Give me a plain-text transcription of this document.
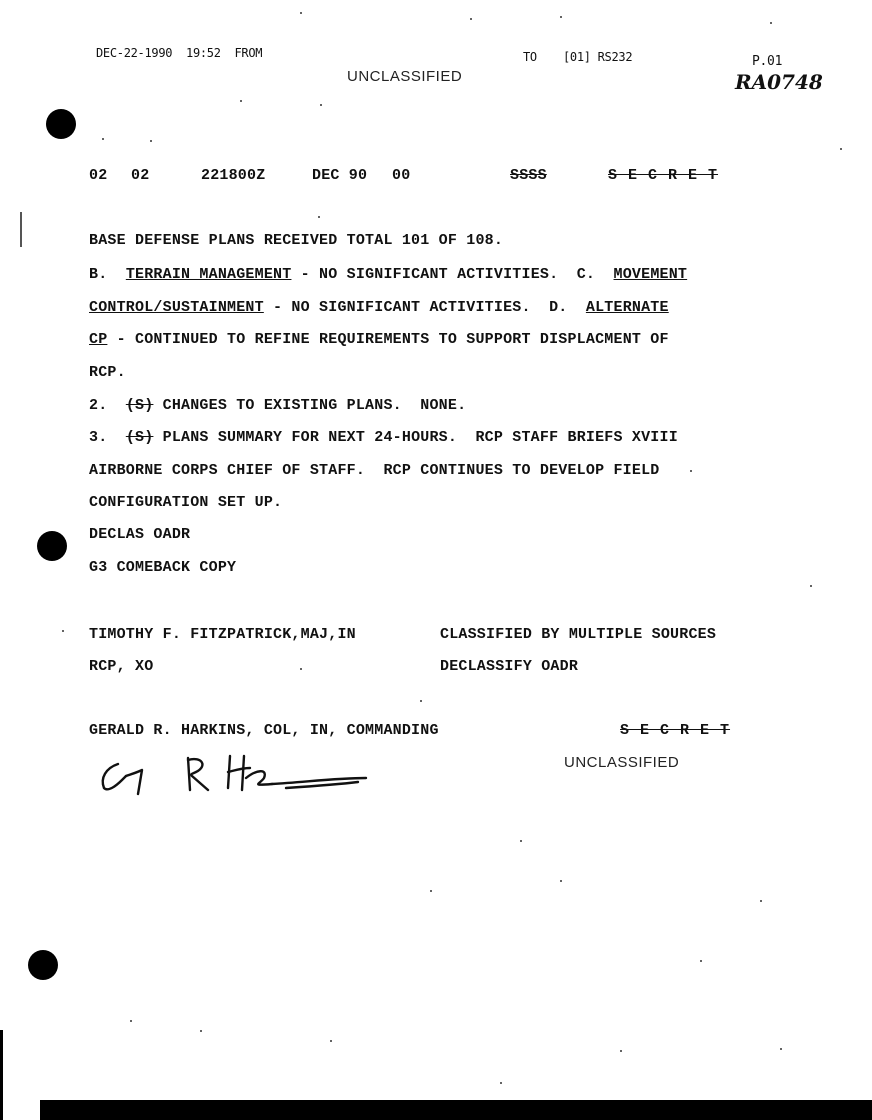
DEC-22-1990  19:52  FROM	TO [01] RS232	P.01
RA0748
UNCLASSIFIED
02 02	221800Z	DEC 90 00	SSSS	S E C R E T
BASE DEFENSE PLANS RECEIVED TOTAL 101 OF 108.
B. TERRAIN MANAGEMENT - NO SIGNIFICANT ACTIVITIES.  C.  MOVEMENT
CONTROL/SUSTAINMENT - NO SIGNIFICANT ACTIVITIES.  D.  ALTERNATE
CP - CONTINUED TO REFINE REQUIREMENTS TO SUPPORT DISPLACMENT OF
RCP.
2. (S) CHANGES TO EXISTING PLANS.  NONE.
3. (S) PLANS SUMMARY FOR NEXT 24-HOURS.  RCP STAFF BRIEFS XVIII
AIRBORNE CORPS CHIEF OF STAFF.  RCP CONTINUES TO DEVELOP FIELD
CONFIGURATION SET UP.
DECLAS OADR
G3 COMEBACK COPY
TIMOTHY F. FITZPATRICK,MAJ,IN
RCP, XO
CLASSIFIED BY MULTIPLE SOURCES
DECLASSIFY OADR
GERALD R. HARKINS, COL, IN, COMMANDING	S E C R E T
UNCLASSIFIED
